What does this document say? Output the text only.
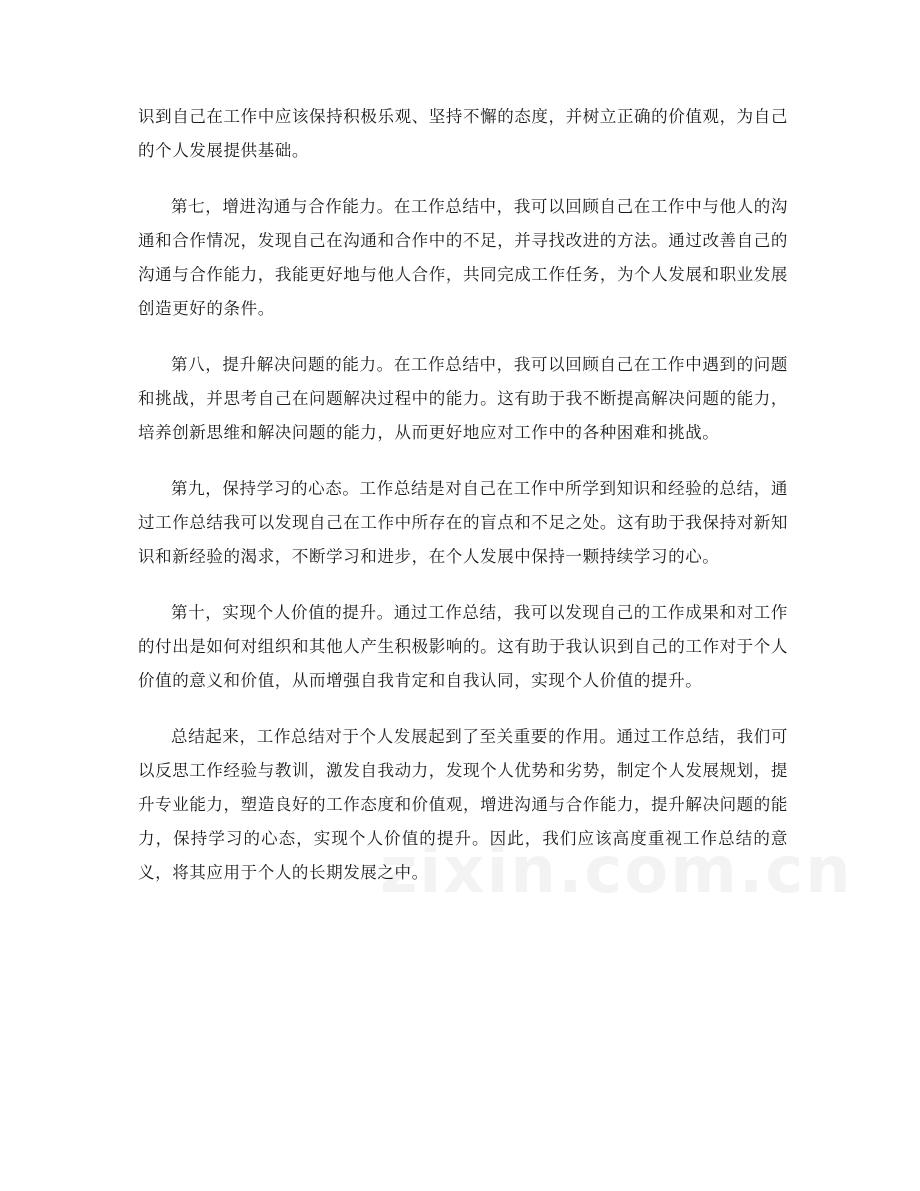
识到自己在工作中应该保持积极乐观、坚持不懈的态度，并树立正确的价值观，为自己的个人发展提供基础。

第七，增进沟通与合作能力。在工作总结中，我可以回顾自己在工作中与他人的沟通和合作情况，发现自己在沟通和合作中的不足，并寻找改进的方法。通过改善自己的沟通与合作能力，我能更好地与他人合作，共同完成工作任务，为个人发展和职业发展创造更好的条件。

第八，提升解决问题的能力。在工作总结中，我可以回顾自己在工作中遇到的问题和挑战，并思考自己在问题解决过程中的能力。这有助于我不断提高解决问题的能力，培养创新思维和解决问题的能力，从而更好地应对工作中的各种困难和挑战。

第九，保持学习的心态。工作总结是对自己在工作中所学到知识和经验的总结，通过工作总结我可以发现自己在工作中所存在的盲点和不足之处。这有助于我保持对新知识和新经验的渴求，不断学习和进步，在个人发展中保持一颗持续学习的心。

第十，实现个人价值的提升。通过工作总结，我可以发现自己的工作成果和对工作的付出是如何对组织和其他人产生积极影响的。这有助于我认识到自己的工作对于个人价值的意义和价值，从而增强自我肯定和自我认同，实现个人价值的提升。

总结起来，工作总结对于个人发展起到了至关重要的作用。通过工作总结，我们可以反思工作经验与教训，激发自我动力，发现个人优势和劣势，制定个人发展规划，提升专业能力，塑造良好的工作态度和价值观，增进沟通与合作能力，提升解决问题的能力，保持学习的心态，实现个人价值的提升。因此，我们应该高度重视工作总结的意义，将其应用于个人的长期发展之中。
